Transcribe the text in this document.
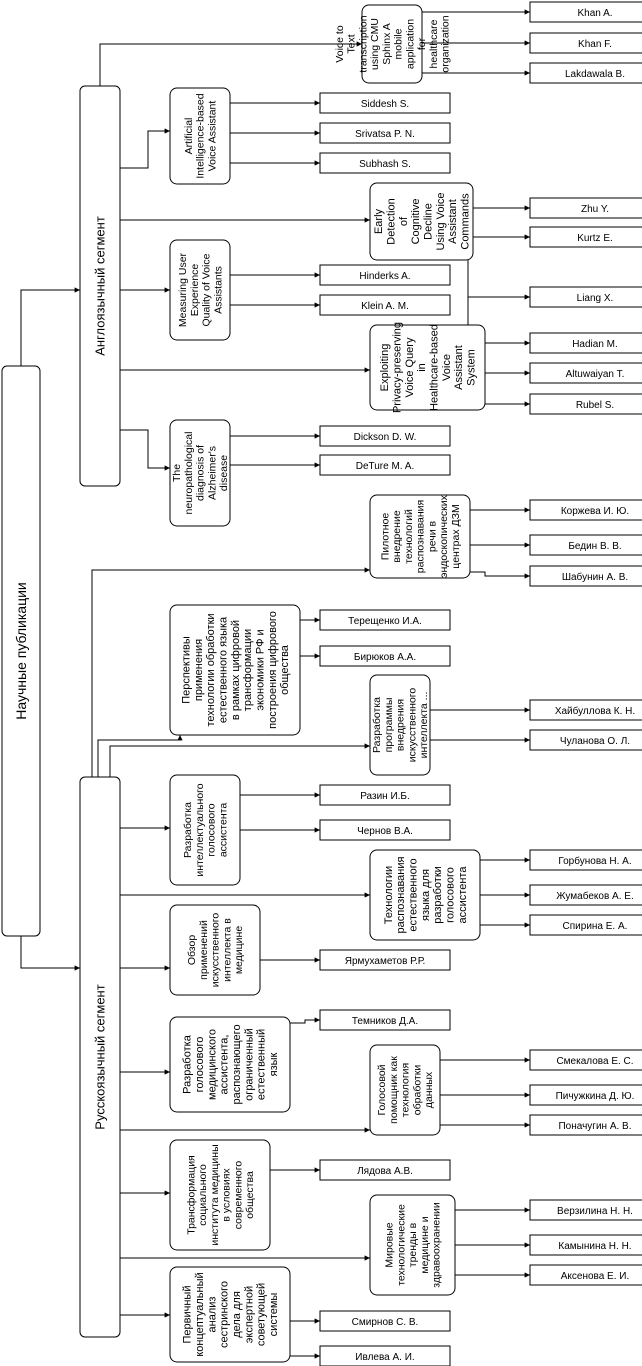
Научные публикации
Англоязычный сегмент
Русскоязычный сегмент
Voice toTexttranscriptionusing CMUSphinx Amobileapplicationforhealthcareorganization
Khan A.
Khan F.
Lakdawala B.
ArtificialIntelligence-basedVoice Assistant	Siddesh S.
Srivatsa P. N.
Subhash S.
EarlyDetectionofCognitiveDeclineUsing VoiceAssistantCommands	Zhu Y.
Kurtz E.
Measuring UserExperienceQuality of VoiceAssistants	Hinderks A.
Klein A. M.
Liang X.
ExploitingPrivacy-preservingVoice QueryinHealthcare-basedVoiceAssistantSystem
Hadian M.
Altuwaiyan T.
Rubel S.
Theneuropathologicaldiagnosis ofAlzheimer'sdisease
Dickson D. W.
DeTure M. A.
Пилотноевнедрениетехнологийраспознаванияречи вэндоскопическихцентрах ДЗМ	Коржева И. Ю.
Бедин В. В.
Шабунин А. В.
Перспективыприменениятехнологии обработкиестественного языкав рамках цифровойтрансформацииэкономики РФ ипостроения цифровогообщества
Терещенко И.А.
Бирюков А.А.
Разработкапрограммывнедренияискусственногоинтеллекта ...	Хайбуллова К. Н.
Чуланова О. Л.
Разработкаинтеллектуальногоголосовогоассистента
Разин И.Б.
Чернов В.А.
Технологиираспознаванияестественногоязыка дляразработкиголосовогоассистента
Горбунова Н. А.
Жумабеков А. Е.
Спирина Е. А.
Обзорпримененийискусственногоинтеллекта вмедицине	Ярмухаметов Р.Р.
Разработкаголосовогомедицинскогоассистента,распознающегоограниченныйестественныйязык
Темников Д.А.
Голосовойпомощник кактехнологияобработкиданных
Смекалова Е. С.
Пичужкина Д. Ю.
Поначугин А. В.
Трансформациясоциальногоинститута медициныв условияхсовременногообщества	Лядова А.В.
Мировыетехнологическиетренды вмедицине издравоохранении	Верзилина Н. Н.
Камынина Н. Н.
Аксенова Е. И.
Первичныйконцептуальныйанализсестринскогодела дляэкспертнойсоветующейсистемы	Смирнов С. В.
Ивлева А. И.
